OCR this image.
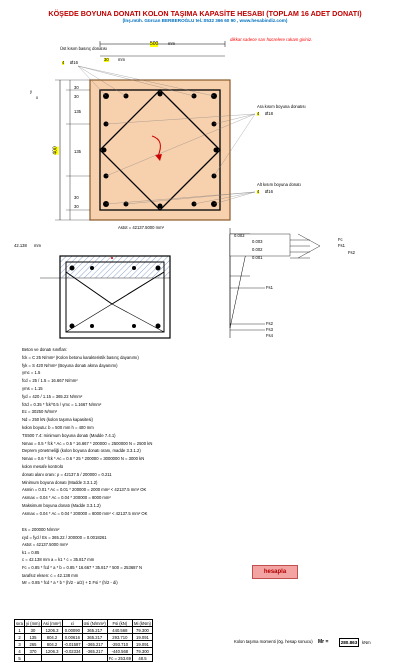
KÖŞEDE BOYUNA DONATI KOLON TAŞIMA KAPASİTE HESABI (TOPLAM 16 ADET DONATI)
(İnş.müh. Gürcan BERBEROĞLU tel.:0532 366 60 90 , www.hesabindiz.com)
dikkat sadece sarı hücrelere rakam giriniz.
Üst kısım basınç donatısı
4 Ø16
500 mm
30 mm
y
x
30
30
135
135
30
30
400
Ara kısım boyuna donatısı
4 Ø18
Alt kısım boyuna donatı
4 Ø16
Astot = 42137.5000 mm²
42.138 mm
0.003
0.003
0.002
0.001
Fc
Fs1
Fs2
Fs1
Fs2
Fs3
Fs4
Beton ve donatı sınıfları:
fck = C 25 N/mm² (Kolon betonu karakteristik basınç dayanımı)
fyk = S 420 N/mm² (Boyuna donatı akma dayanımı)
γmc = 1.5
fcd = 25 / 1.5 = 16.667 N/mm²
γms = 1.15
fyd = 420 / 1.15 = 365.22 N/mm²
fctd = 0.35 * fck^0.5 / γmc = 1.1667 N/mm²
Ec = 30250 N/mm²
Nd = 250 kN (kolon taşıma kapasitesi)
kolon boyutu: b = 500 mm h = 400 mm
TS500 7.4: minimum boyuna donatı (Madde 7.4.1)
Nmax = 0.5 * fck * Ac = 0.5 * 16.667 * 200000 = 2500000 N = 2500 kN
Deprem yönetmeliği (kolon boyuna donatı oranı, madde 3.3.1.2)
Nmax = 0.6 * fck * Ac = 0.6 * 25 * 200000 = 3000000 N = 3000 kN
kolon mesafe kontrolü
donatı alanı oranı: ρ = 42137.5 / 200000 = 0.211
Minimum boyuna donatı (Madde 3.3.1.2)
Asmin = 0.01 * Ac = 0.01 * 200000 = 2000 mm² < 42137.5 mm² OK
Asmax = 0.04 * Ac = 0.04 * 200000 = 8000 mm²
Maksimum boyuna donatı (Madde 3.3.1.2)
Asmax = 0.04 * Ac = 0.04 * 200000 = 8000 mm² < 42137.5 mm² OK
Es = 200000 N/mm²
εyd = fyd / Es = 365.22 / 200000 = 0.0018261
Astot = 42137.5000 mm²
k1 = 0.85
c = 42.138 mm a = k1 * c = 35.817 mm
Fc = 0.85 * fcd * a * b = 0.85 * 16.667 * 35.817 * 500 = 253687 N
tarafsız eksen: c = 42.138 mm
Mr = 0.85 * fcd * a * b * (h/2 - a/2) + Σ Fsi * (h/2 - di)
hesapla
sıra	yi (mm)	Asi (mm²)	εi	σsi (N/mm²)	Fsi (kN)	Mi (kNm)
1	30	1206.3	0.00090	365.217	440.568	79.300
2	135	804.2	0.00616	365.217	293.710	19.091
3	265	804.2	-0.01587	-365.217	-293.710	19.091
4	370	1206.3	-0.02334	-365.217	-440.568	79.300
5					Fc = 253.69	48.5
Kolon taşıma momenti (ög. hesap sonucu) Mr =	280.863	kNm
